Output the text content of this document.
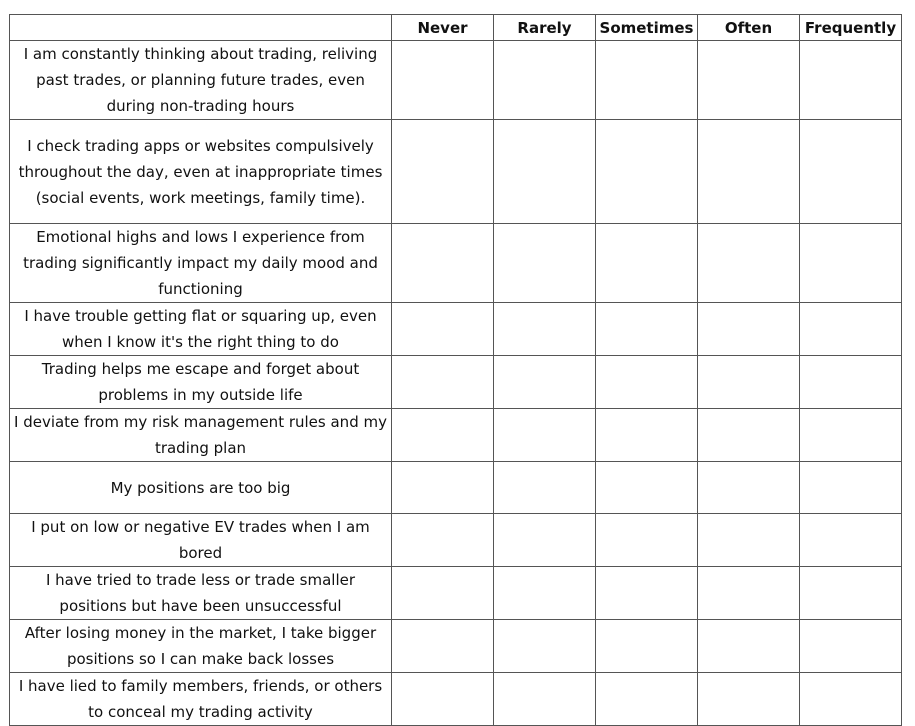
	Never	Rarely	Sometimes	Often	Frequently
I am constantly thinking about trading, reliving past trades, or planning future trades, even during non-trading hours					
I check trading apps or websites compulsively throughout the day, even at inappropriate times (social events, work meetings, family time).					
Emotional highs and lows I experience from trading significantly impact my daily mood and functioning					
I have trouble getting flat or squaring up, even when I know it's the right thing to do					
Trading helps me escape and forget about problems in my outside life					
I deviate from my risk management rules and my trading plan					
My positions are too big					
I put on low or negative EV trades when I am bored					
I have tried to trade less or trade smaller positions but have been unsuccessful					
After losing money in the market, I take bigger positions so I can make back losses					
I have lied to family members, friends, or others to conceal my trading activity					
